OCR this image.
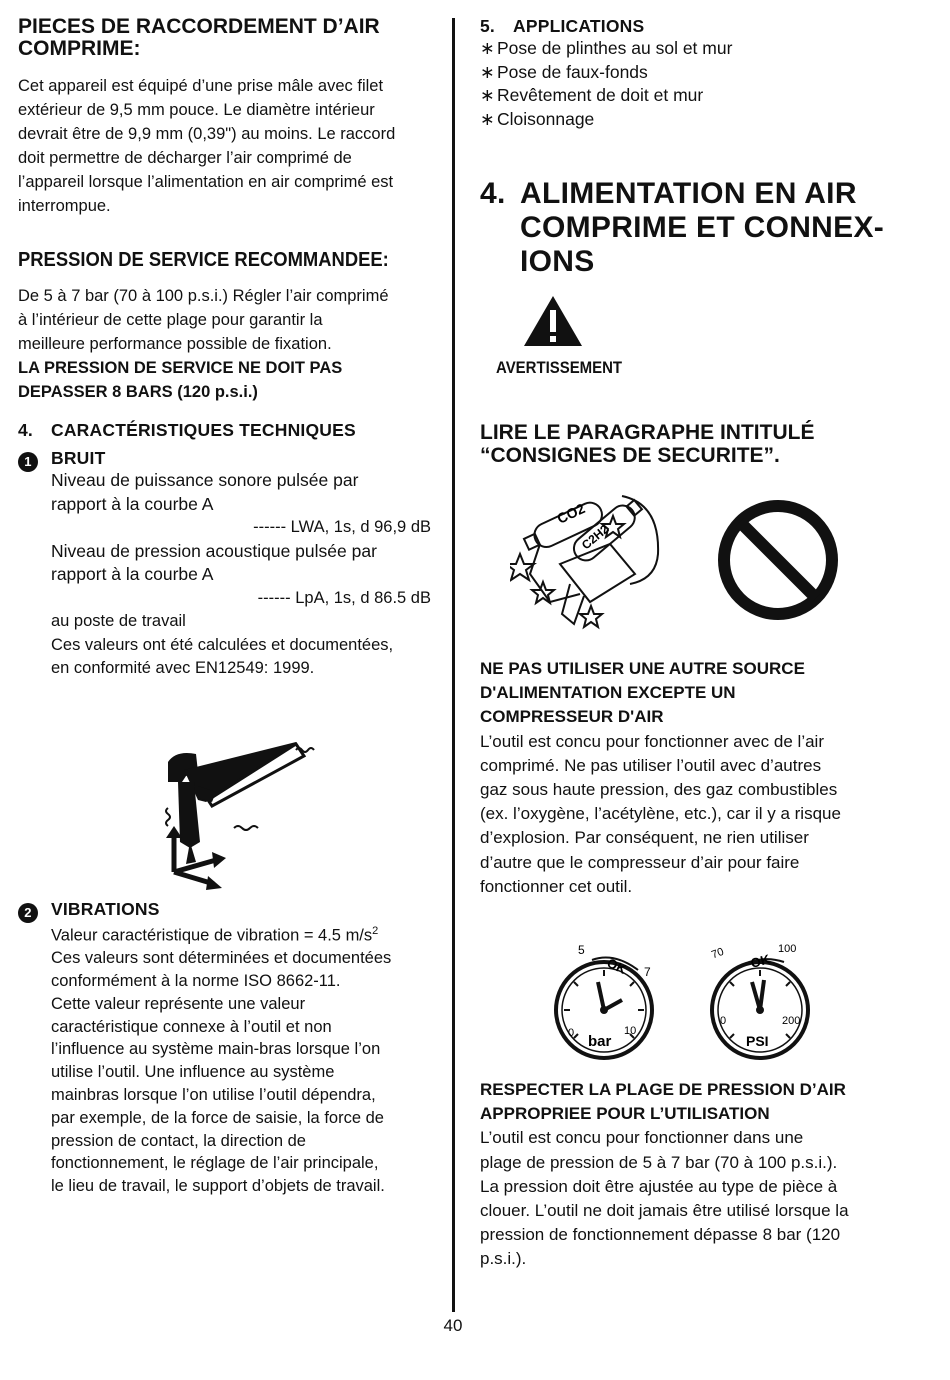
PIECES DE RACCORDEMENT D’AIR
COMPRIME:
Cet appareil est équipé d’une prise mâle avec filet
extérieur de 9,5 mm pouce. Le diamètre intérieur
devrait être de 9,9 mm (0,39") au moins. Le raccord
doit permettre de décharger l’air comprimé de
l’appareil lorsque l’alimentation en air comprimé est
interrompue.
PRESSION DE SERVICE RECOMMANDEE:
De 5 à 7 bar (70 à 100 p.s.i.) Régler l’air comprimé
à l’intérieur de cette plage pour garantir la
meilleure performance possible de fixation.
LA PRESSION DE SERVICE NE DOIT PAS
DEPASSER 8 BARS (120 p.s.i.)
4. CARACTÉRISTIQUES TECHNIQUES
1 BRUIT
Niveau de puissance sonore pulsée par
rapport à la courbe A
------ LWA, 1s, d 96,9 dB
Niveau de pression acoustique pulsée par
rapport à la courbe A
------ LpA, 1s, d 86.5 dB
au poste de travail
Ces valeurs ont été calculées et documentées,
en conformité avec EN12549: 1999.
2 VIBRATIONS
Valeur caractéristique de vibration = 4.5 $m/s^2$
Ces valeurs sont déterminées et documentées
conformément à la norme ISO 8662-11.
Cette valeur représente une valeur
caractéristique connexe à l’outil et non
l’influence au système main-bras lorsque l’on
utilise l’outil. Une influence au système
mainbras lorsque l’on utilise l’outil dépendra,
par exemple, de la force de saisie, la force de
pression de contact, la direction de
fonctionnement, le réglage de l’air principale,
le lieu de travail, le support d’objets de travail.
5. APPLICATIONS
∗ Pose de plinthes au sol et mur
∗ Pose de faux-fonds
∗ Revêtement de doit et mur
∗ Cloisonnage
4. ALIMENTATION EN AIR
COMPRIME ET CONNEX-
IONS
AVERTISSEMENT
LIRE LE PARAGRAPHE INTITULÉ
“CONSIGNES DE SECURITE”.
CO2
C2H2
NE PAS UTILISER UNE AUTRE SOURCE
D'ALIMENTATION EXCEPTE UN
COMPRESSEUR D'AIR
L’outil est concu pour fonctionner avec de l’air
comprimé. Ne pas utiliser l’outil avec d’autres
gaz sous haute pression, des gaz combustibles
(ex. l’oxygène, l’acétylène, etc.), car il y a risque
d’explosion. Par conséquent, ne rien utiliser
d’autre que le compresseur d’air pour faire
fonctionner cet outil.
5
OK 7
0	10
bar
70 OK
100
0	200
PSI
RESPECTER LA PLAGE DE PRESSION D’AIR
APPROPRIEE POUR L’UTILISATION
L’outil est concu pour fonctionner dans une
plage de pression de 5 à 7 bar (70 à 100 p.s.i.).
La pression doit être ajustée au type de pièce à
clouer. L’outil ne doit jamais être utilisé lorsque la
pression de fonctionnement dépasse 8 bar (120
p.s.i.).
40
